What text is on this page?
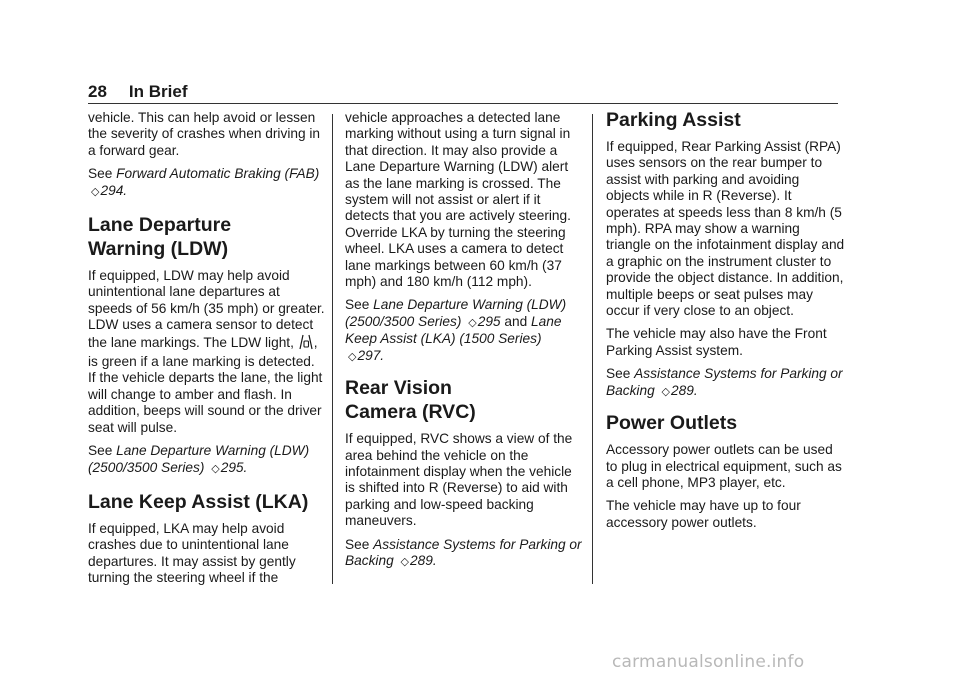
28 In Brief

vehicle. This can help avoid or lessen the severity of crashes when driving in a forward gear.

See Forward Automatic Braking (FAB) ◇294.

Lane Departure
Warning (LDW)

If equipped, LDW may help avoid unintentional lane departures at speeds of 56 km/h (35 mph) or greater. LDW uses a camera sensor to detect the lane markings. The LDW light, , is green if a lane marking is detected. If the vehicle departs the lane, the light will change to amber and flash. In addition, beeps will sound or the driver seat will pulse.

See Lane Departure Warning (LDW) (2500/3500 Series) ◇295.

Lane Keep Assist (LKA)

If equipped, LKA may help avoid crashes due to unintentional lane departures. It may assist by gently turning the steering wheel if the

vehicle approaches a detected lane marking without using a turn signal in that direction. It may also provide a Lane Departure Warning (LDW) alert as the lane marking is crossed. The system will not assist or alert if it detects that you are actively steering. Override LKA by turning the steering wheel. LKA uses a camera to detect lane markings between 60 km/h (37 mph) and 180 km/h (112 mph).

See Lane Departure Warning (LDW) (2500/3500 Series) ◇295 and Lane Keep Assist (LKA) (1500 Series) ◇297.

Rear Vision
Camera (RVC)

If equipped, RVC shows a view of the area behind the vehicle on the infotainment display when the vehicle is shifted into R (Reverse) to aid with parking and low-speed backing maneuvers.

See Assistance Systems for Parking or Backing ◇289.

Parking Assist

If equipped, Rear Parking Assist (RPA) uses sensors on the rear bumper to assist with parking and avoiding objects while in R (Reverse). It operates at speeds less than 8 km/h (5 mph). RPA may show a warning triangle on the infotainment display and a graphic on the instrument cluster to provide the object distance. In addition, multiple beeps or seat pulses may occur if very close to an object.

The vehicle may also have the Front Parking Assist system.

See Assistance Systems for Parking or Backing ◇289.

Power Outlets

Accessory power outlets can be used to plug in electrical equipment, such as a cell phone, MP3 player, etc.

The vehicle may have up to four accessory power outlets.

carmanualsonline.info
